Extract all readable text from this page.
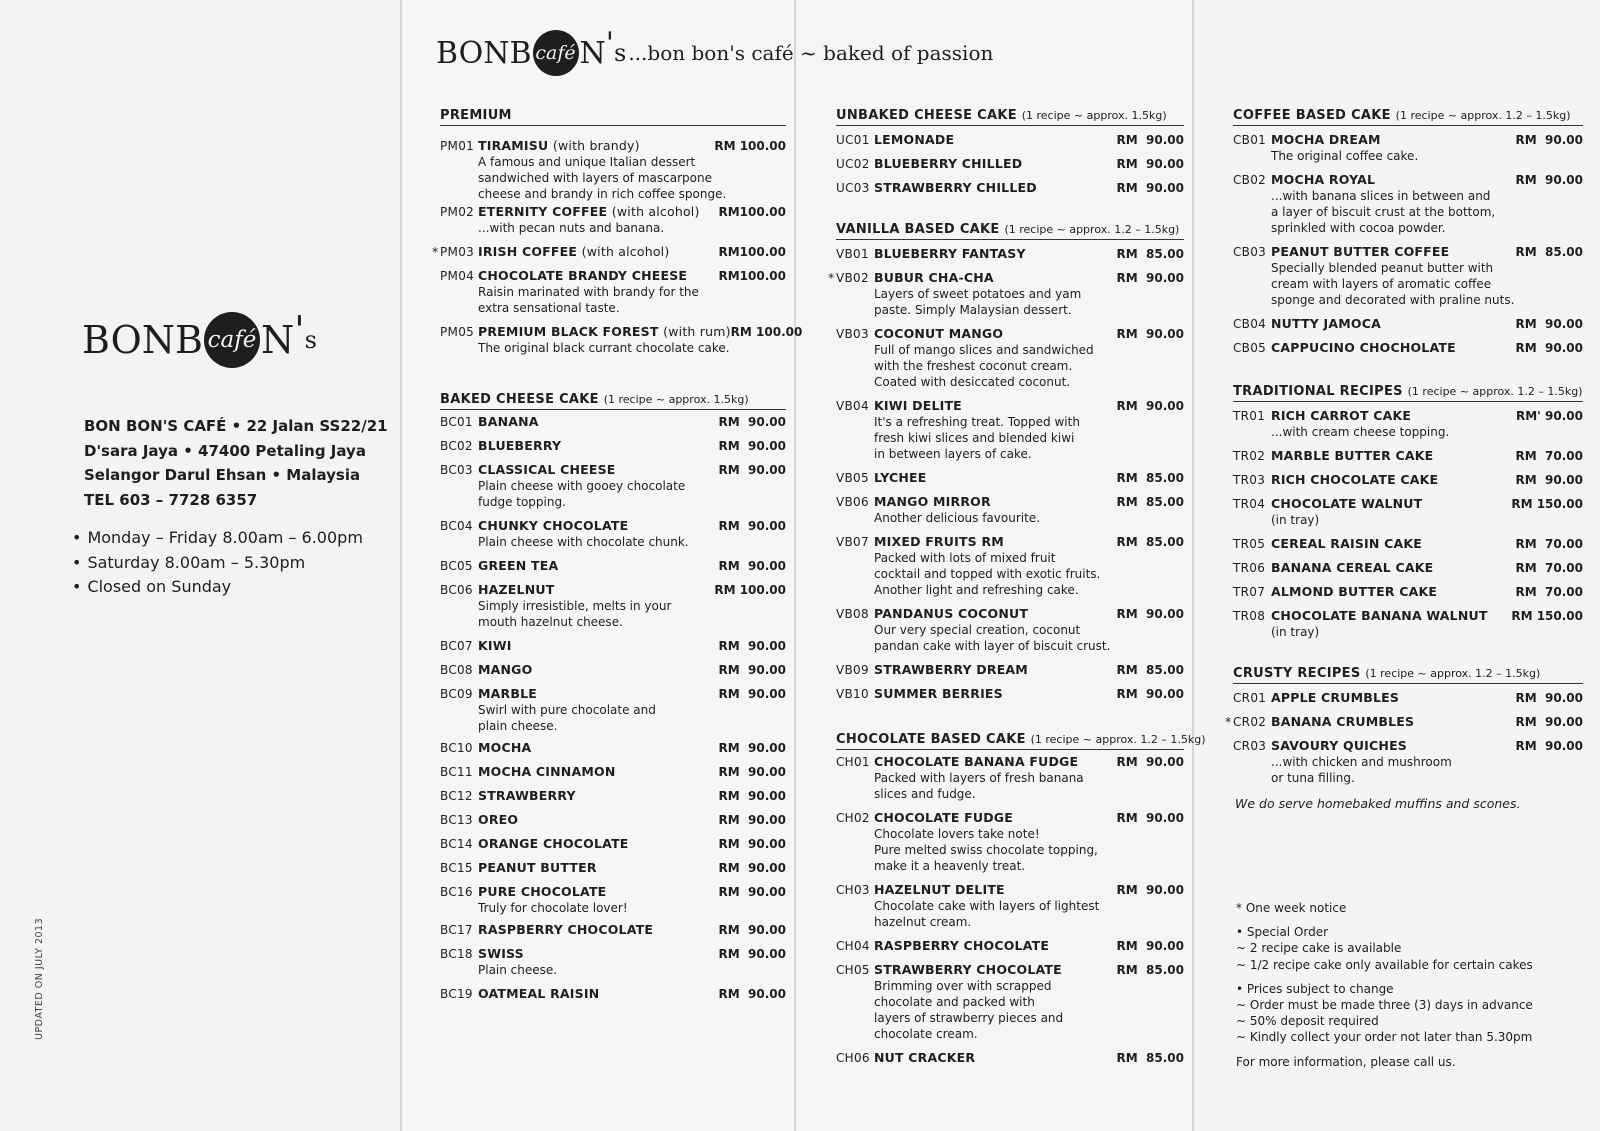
BONB café N ' s
BON BON'S CAFÉ • 22 Jalan SS22/21
D'sara Jaya • 47400 Petaling Jaya
Selangor Darul Ehsan • Malaysia
TEL 603 – 7728 6357
• Monday – Friday 8.00am – 6.00pm
• Saturday 8.00am – 5.30pm
• Closed on Sunday
UPDATED ON JULY 2013
BONB café N ' s ...bon bon's café ~ baked of passion
PREMIUM
PM01 TIRAMISU (with brandy)	RM 100.00
A famous and unique Italian dessert
sandwiched with layers of mascarpone
cheese and brandy in rich coffee sponge.
PM02 ETERNITY COFFEE (with alcohol)	RM100.00
...with pecan nuts and banana.
* PM03 IRISH COFFEE (with alcohol)	RM100.00
PM04 CHOCOLATE BRANDY CHEESE	RM100.00
Raisin marinated with brandy for the
extra sensational taste.
PM05 PREMIUM BLACK FOREST (with rum) RM 100.00
The original black currant chocolate cake.
BAKED CHEESE CAKE (1 recipe ~ approx. 1.5kg)
BC01 BANANA	RM  90.00
BC02 BLUEBERRY	RM  90.00
BC03 CLASSICAL CHEESE	RM  90.00
Plain cheese with gooey chocolate
fudge topping.
BC04 CHUNKY CHOCOLATE	RM  90.00
Plain cheese with chocolate chunk.
BC05 GREEN TEA	RM  90.00
BC06 HAZELNUT	RM 100.00
Simply irresistible, melts in your
mouth hazelnut cheese.
BC07 KIWI	RM  90.00
BC08 MANGO	RM  90.00
BC09 MARBLE	RM  90.00
Swirl with pure chocolate and
plain cheese.
BC10 MOCHA	RM  90.00
BC11 MOCHA CINNAMON	RM  90.00
BC12 STRAWBERRY	RM  90.00
BC13 OREO	RM  90.00
BC14 ORANGE CHOCOLATE	RM  90.00
BC15 PEANUT BUTTER	RM  90.00
BC16 PURE CHOCOLATE	RM  90.00
Truly for chocolate lover!
BC17 RASPBERRY CHOCOLATE	RM  90.00
BC18 SWISS	RM  90.00
Plain cheese.
BC19 OATMEAL RAISIN	RM  90.00
UNBAKED CHEESE CAKE (1 recipe ~ approx. 1.5kg)
UC01 LEMONADE	RM  90.00
UC02 BLUEBERRY CHILLED	RM  90.00
UC03 STRAWBERRY CHILLED	RM  90.00
VANILLA BASED CAKE (1 recipe ~ approx. 1.2 – 1.5kg)
VB01 BLUEBERRY FANTASY	RM  85.00
* VB02 BUBUR CHA-CHA	RM  90.00
Layers of sweet potatoes and yam
paste. Simply Malaysian dessert.
VB03 COCONUT MANGO	RM  90.00
Full of mango slices and sandwiched
with the freshest coconut cream.
Coated with desiccated coconut.
VB04 KIWI DELITE	RM  90.00
It's a refreshing treat. Topped with
fresh kiwi slices and blended kiwi
in between layers of cake.
VB05 LYCHEE	RM  85.00
VB06 MANGO MIRROR	RM  85.00
Another delicious favourite.
VB07 MIXED FRUITS RM	RM  85.00
Packed with lots of mixed fruit
cocktail and topped with exotic fruits.
Another light and refreshing cake.
VB08 PANDANUS COCONUT	RM  90.00
Our very special creation, coconut
pandan cake with layer of biscuit crust.
VB09 STRAWBERRY DREAM	RM  85.00
VB10 SUMMER BERRIES	RM  90.00
CHOCOLATE BASED CAKE (1 recipe ~ approx. 1.2 – 1.5kg)
CH01 CHOCOLATE BANANA FUDGE	RM  90.00
Packed with layers of fresh banana
slices and fudge.
CH02 CHOCOLATE FUDGE	RM  90.00
Chocolate lovers take note!
Pure melted swiss chocolate topping,
make it a heavenly treat.
CH03 HAZELNUT DELITE	RM  90.00
Chocolate cake with layers of lightest
hazelnut cream.
CH04 RASPBERRY CHOCOLATE	RM  90.00
CH05 STRAWBERRY CHOCOLATE	RM  85.00
Brimming over with scrapped
chocolate and packed with
layers of strawberry pieces and
chocolate cream.
CH06 NUT CRACKER	RM  85.00
COFFEE BASED CAKE (1 recipe ~ approx. 1.2 – 1.5kg)
CB01 MOCHA DREAM	RM  90.00
The original coffee cake.
CB02 MOCHA ROYAL	RM  90.00
...with banana slices in between and
a layer of biscuit crust at the bottom,
sprinkled with cocoa powder.
CB03 PEANUT BUTTER COFFEE	RM  85.00
Specially blended peanut butter with
cream with layers of aromatic coffee
sponge and decorated with praline nuts.
CB04 NUTTY JAMOCA	RM  90.00
CB05 CAPPUCINO CHOCHOLATE	RM  90.00
TRADITIONAL RECIPES (1 recipe ~ approx. 1.2 – 1.5kg)
TR01 RICH CARROT CAKE	RM' 90.00
...with cream cheese topping.
TR02 MARBLE BUTTER CAKE	RM  70.00
TR03 RICH CHOCOLATE CAKE	RM  90.00
TR04 CHOCOLATE WALNUT	RM 150.00
(in tray)
TR05 CEREAL RAISIN CAKE	RM  70.00
TR06 BANANA CEREAL CAKE	RM  70.00
TR07 ALMOND BUTTER CAKE	RM  70.00
TR08 CHOCOLATE BANANA WALNUT	RM 150.00
(in tray)
CRUSTY RECIPES (1 recipe ~ approx. 1.2 – 1.5kg)
CR01 APPLE CRUMBLES	RM  90.00
* CR02 BANANA CRUMBLES	RM  90.00
CR03 SAVOURY QUICHES	RM  90.00
...with chicken and mushroom
or tuna filling.
We do serve homebaked muffins and scones.
* One week notice
• Special Order
~ 2 recipe cake is available
~ 1/2 recipe cake only available for certain cakes
• Prices subject to change
~ Order must be made three (3) days in advance
~ 50% deposit required
~ Kindly collect your order not later than 5.30pm
For more information, please call us.
